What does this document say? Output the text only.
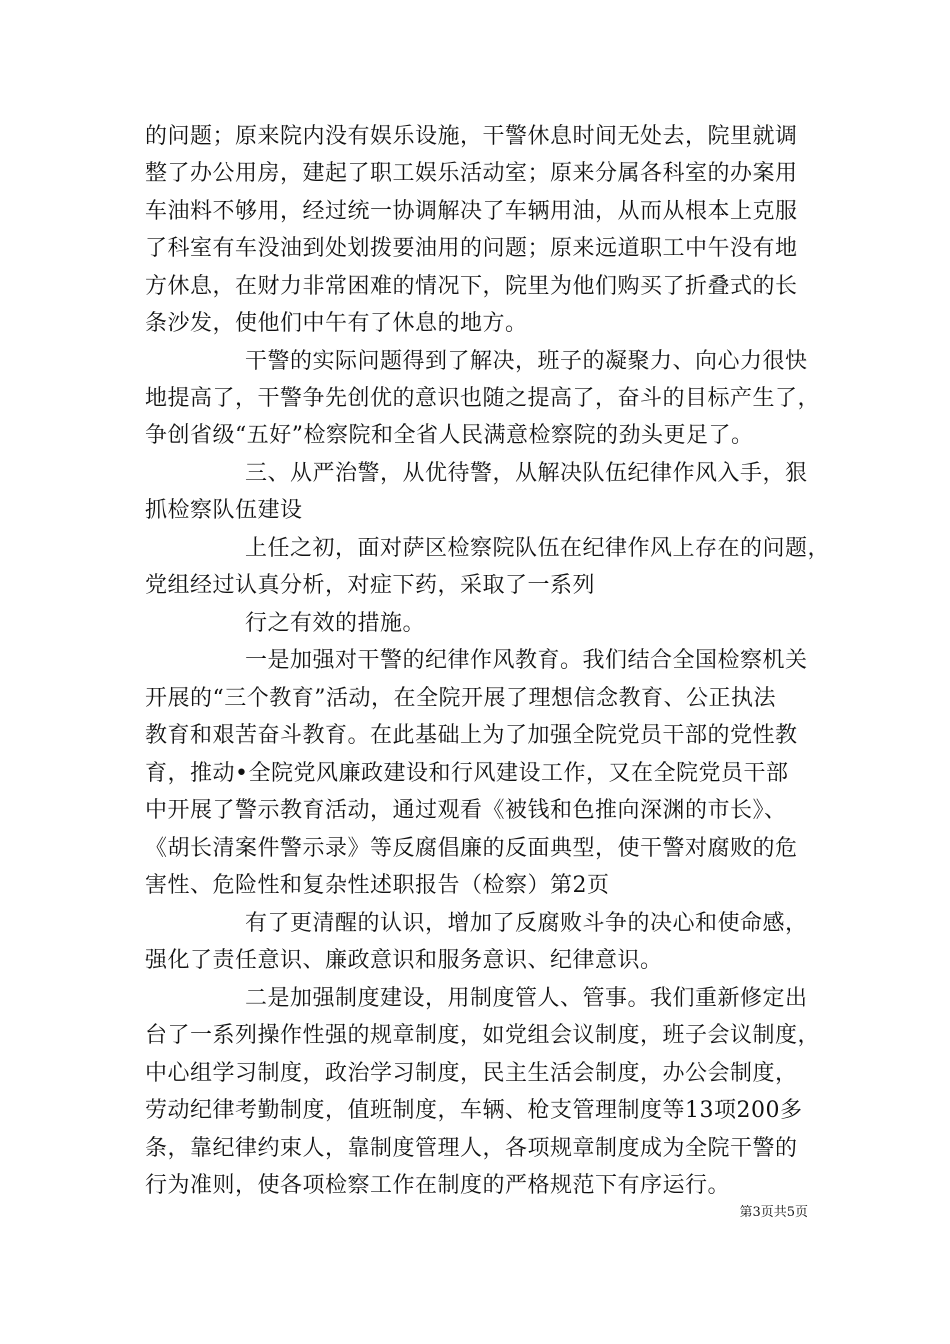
的问题；原来院内没有娱乐设施，干警休息时间无处去，院里就调
整了办公用房，建起了职工娱乐活动室；原来分属各科室的办案用
车油料不够用，经过统一协调解决了车辆用油，从而从根本上克服
了科室有车没油到处划拨要油用的问题；原来远道职工中午没有地
方休息，在财力非常困难的情况下，院里为他们购买了折叠式的长
条沙发，使他们中午有了休息的地方。
干警的实际问题得到了解决，班子的凝聚力、向心力很快
地提高了，干警争先创优的意识也随之提高了，奋斗的目标产生了，
争创省级“五好”检察院和全省人民满意检察院的劲头更足了。
三、从严治警，从优待警，从解决队伍纪律作风入手，狠
抓检察队伍建设
上任之初，面对萨区检察院队伍在纪律作风上存在的问题，
党组经过认真分析，对症下药，采取了一系列
行之有效的措施。
一是加强对干警的纪律作风教育。我们结合全国检察机关
开展的“三个教育”活动，在全院开展了理想信念教育、公正执法
教育和艰苦奋斗教育。在此基础上为了加强全院党员干部的党性教
育，推动•全院党风廉政建设和行风建设工作，又在全院党员干部
中开展了警示教育活动，通过观看《被钱和色推向深渊的市长》、
《胡长清案件警示录》等反腐倡廉的反面典型，使干警对腐败的危
害性、危险性和复杂性述职报告（检察）第2页
有了更清醒的认识，增加了反腐败斗争的决心和使命感，
强化了责任意识、廉政意识和服务意识、纪律意识。
二是加强制度建设，用制度管人、管事。我们重新修定出
台了一系列操作性强的规章制度，如党组会议制度，班子会议制度，
中心组学习制度，政治学习制度，民主生活会制度，办公会制度，
劳动纪律考勤制度，值班制度，车辆、枪支管理制度等13项200多
条，靠纪律约束人，靠制度管理人，各项规章制度成为全院干警的
行为准则，使各项检察工作在制度的严格规范下有序运行。
第3页共5页
